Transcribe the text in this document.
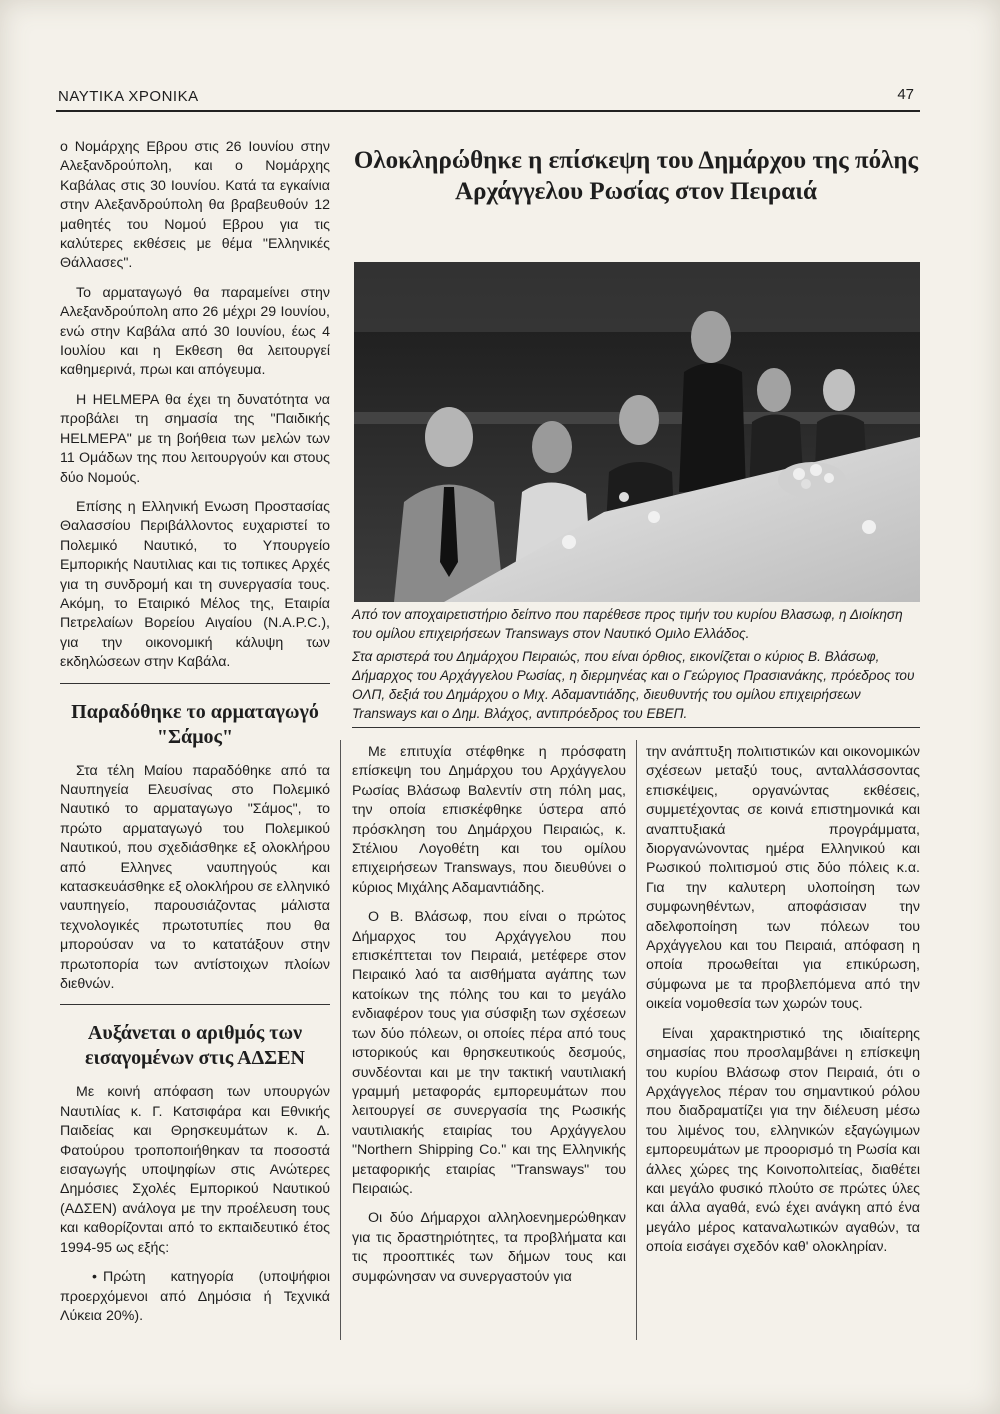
ΝΑΥΤΙΚΑ ΧΡΟΝΙΚΑ	47

ο Νομάρχης Εβρου στις 26 Ιουνίου στην Αλεξανδρούπολη, και ο Νομάρχης Καβάλας στις 30 Ιουνίου. Κατά τα εγκαίνια στην Αλεξανδρούπολη θα βραβευθούν 12 μαθητές του Νομού Εβρου για τις καλύτερες εκθέσεις με θέμα "Ελληνικές Θάλλασες".

Το αρματαγωγό θα παραμείνει στην Αλεξανδρούπολη απο 26 μέχρι 29 Ιουνίου, ενώ στην Καβάλα από 30 Ιουνίου, έως 4 Ιουλίου και η Εκθεση θα λειτουργεί καθημερινά, πρωι και απόγευμα.

Η HELMEPA θα έχει τη δυνατότητα να προβάλει τη σημασία της "Παιδικής HELMEPA" με τη βοήθεια των μελών των 11 Ομάδων της που λειτουργούν και στους δύο Νομούς.

Επίσης η Ελληνική Ενωση Προστασίας Θαλασσίου Περιβάλλοντος ευχαριστεί το Πολεμικό Ναυτικό, το Υπουργείο Εμπορικής Ναυτιλιας και τις τοπικες Αρχές για τη συνδρομή και τη συνεργασία τους. Ακόμη, το Εταιρικό Μέλος της, Εταιρία Πετρελαίων Βορείου Αιγαίου (N.A.P.C.), για την οικονομική κάλυψη των εκδηλώσεων στην Καβάλα.

Παραδόθηκε το αρματαγωγό "Σάμος"

Στα τέλη Μαίου παραδόθηκε από τα Ναυπηγεία Ελευσίνας στο Πολεμικό Ναυτικό το αρματαγωγο "Σάμος", το πρώτο αρματαγωγό του Πολεμικού Ναυτικού, που σχεδιάσθηκε εξ ολοκλήρου από Ελληνες ναυπηγούς και κατασκευάσθηκε εξ ολοκλήρου σε ελληνικό ναυπηγείο, παρουσιάζοντας μάλιστα τεχνολογικές πρωτοτυπίες που θα μπορούσαν να το κατατάξουν στην πρωτοπορία των αντίστοιχων πλοίων διεθνών.

Αυξάνεται ο αριθμός των εισαγομένων στις ΑΔΣΕΝ

Με κοινή απόφαση των υπουργών Ναυτιλίας κ. Γ. Κατσιφάρα και Εθνικής Παιδείας και Θρησκευμάτων κ. Δ. Φατούρου τροποποιήθηκαν τα ποσοστά εισαγωγής υποψηφίων στις Ανώτερες Δημόσιες Σχολές Εμπορικού Ναυτικού (ΑΔΣΕΝ) ανάλογα με την προέλευση τους και καθορίζονται από το εκπαιδευτικό έτος 1994-95 ως εξής:

• Πρώτη κατηγορία (υποψήφιοι προερχόμενοι από Δημόσια ή Τεχνικά Λύκεια 20%).

Ολοκληρώθηκε η επίσκεψη του Δημάρχου της πόλης Αρχάγγελου Ρωσίας στον Πειραιά

Από τον αποχαιρετιστήριο δείπνο που παρέθεσε προς τιμήν του κυρίου Βλασωφ, η Διοίκηση του ομίλου επιχειρήσεων Transways στον Ναυτικό Ομιλο Ελλάδος.

Στα αριστερά του Δημάρχου Πειραιώς, που είναι όρθιος, εικονίζεται ο κύριος Β. Βλάσωφ, Δήμαρχος του Αρχάγγελου Ρωσίας, η διερμηνέας και ο Γεώργιος Πρασιανάκης, πρόεδρος του ΟΛΠ, δεξιά του Δημάρχου ο Μιχ. Αδαμαντιάδης, διευθυντής του ομίλου επιχειρήσεων Transways και ο Δημ. Βλάχος, αντιπρόεδρος του ΕΒΕΠ.

Με επιτυχία στέφθηκε η πρόσφατη επίσκεψη του Δημάρχου του Αρχάγγελου Ρωσίας Βλάσωφ Βαλεντίν στη πόλη μας, την οποία επισκέφθηκε ύστερα από πρόσκληση του Δημάρχου Πειραιώς, κ. Στέλιου Λογοθέτη και του ομίλου επιχειρήσεων Transways, που διευθύνει ο κύριος Μιχάλης Αδαμαντιάδης.

Ο Β. Βλάσωφ, που είναι ο πρώτος Δήμαρχος του Αρχάγγελου που επισκέπτεται τον Πειραιά, μετέφερε στον Πειραικό λαό τα αισθήματα αγάπης των κατοίκων της πόλης του και το μεγάλο ενδιαφέρον τους για σύσφιξη των σχέσεων των δύο πόλεων, οι οποίες πέρα από τους ιστορικούς και θρησκευτικούς δεσμούς, συνδέονται και με την τακτική ναυτιλιακή γραμμή μεταφοράς εμπορευμάτων που λειτουργεί σε συνεργασία της Ρωσικής ναυτιλιακής εταιρίας του Αρχάγγελου "Northern Shipping Co." και της Ελληνικής μεταφορικής εταιρίας "Transways" του Πειραιώς.

Οι δύο Δήμαρχοι αλληλοενημερώθηκαν για τις δραστηριότητες, τα προβλήματα και τις προοπτικές των δήμων τους και συμφώνησαν να συνεργαστούν για

την ανάπτυξη πολιτιστικών και οικονομικών σχέσεων μεταξύ τους, ανταλλάσσοντας επισκέψεις, οργανώντας εκθέσεις, συμμετέχοντας σε κοινά επιστημονικά και αναπτυξιακά προγράμματα, διοργανώνοντας ημέρα Ελληνικού και Ρωσικού πολιτισμού στις δύο πόλεις κ.α. Για την καλυτερη υλοποίηση των συμφωνηθέντων, αποφάσισαν την αδελφοποίηση των πόλεων του Αρχάγγελου και του Πειραιά, απόφαση η οποία προωθείται για επικύρωση, σύμφωνα με τα προβλεπόμενα από την οικεία νομοθεσία των χωρών τους.

Είναι χαρακτηριστικό της ιδιαίτερης σημασίας που προσλαμβάνει η επίσκεψη του κυρίου Βλάσωφ στον Πειραιά, ότι ο Αρχάγγελος πέραν του σημαντικού ρόλου που διαδραματίζει για την διέλευση μέσω του λιμένος του, ελληνικών εξαγώγιμων εμπορευμάτων με προορισμό τη Ρωσία και άλλες χώρες της Κοινοπολιτείας, διαθέτει και μεγάλο φυσικό πλούτο σε πρώτες ύλες και άλλα αγαθά, ενώ έχει ανάγκη από ένα μεγάλο μέρος καταναλωτικών αγαθών, τα οποία εισάγει σχεδόν καθ' ολοκληρίαν.
